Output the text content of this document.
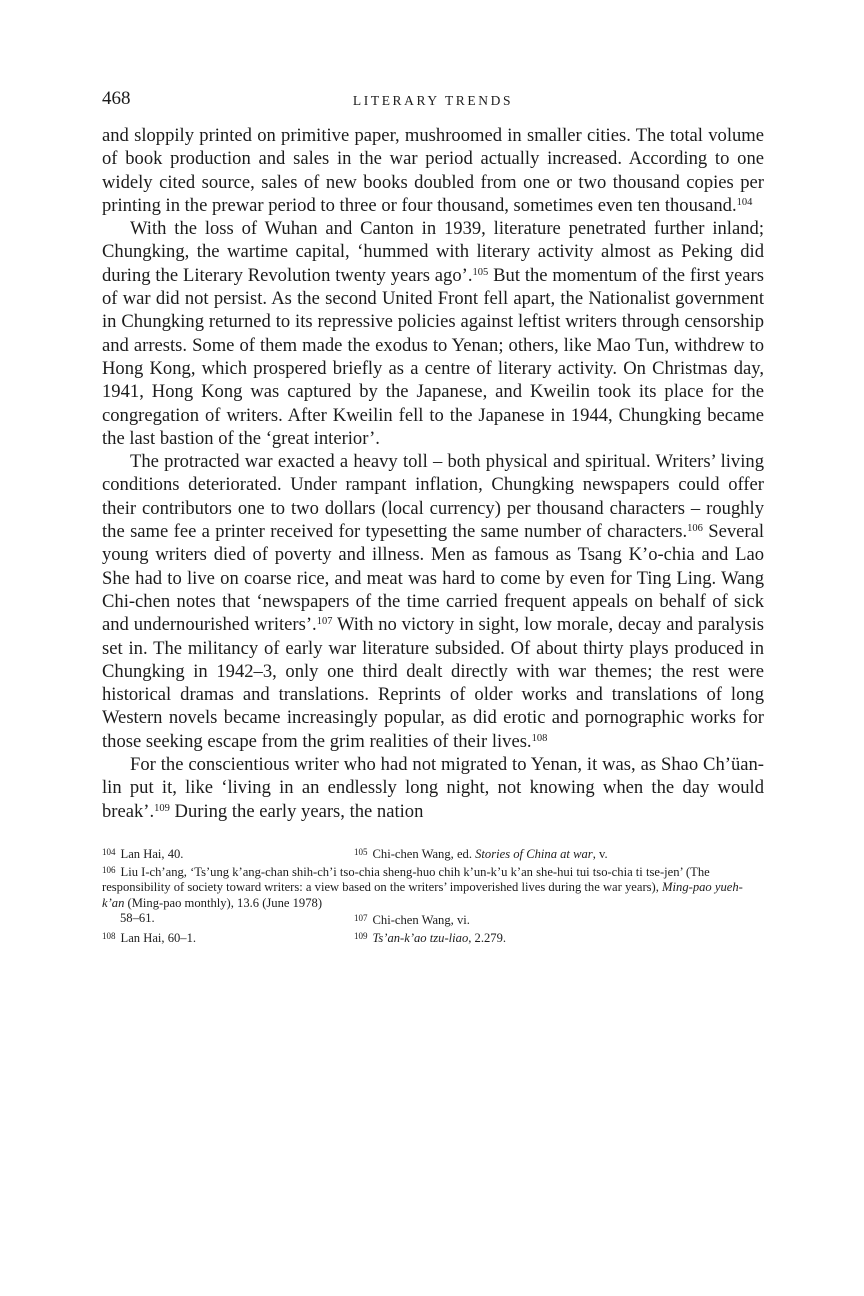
468	LITERARY TRENDS

and sloppily printed on primitive paper, mushroomed in smaller cities. The total volume of book production and sales in the war period actually increased. According to one widely cited source, sales of new books doubled from one or two thousand copies per printing in the prewar period to three or four thousand, sometimes even ten thousand.$^{104}$

With the loss of Wuhan and Canton in 1939, literature penetrated further inland; Chungking, the wartime capital, ‘hummed with literary activity almost as Peking did during the Literary Revolution twenty years ago’.$^{105}$ But the momentum of the first years of war did not persist. As the second United Front fell apart, the Nationalist government in Chungking returned to its repressive policies against leftist writers through censorship and arrests. Some of them made the exodus to Yenan; others, like Mao Tun, withdrew to Hong Kong, which prospered briefly as a centre of literary activity. On Christmas day, 1941, Hong Kong was captured by the Japanese, and Kweilin took its place for the congregation of writers. After Kweilin fell to the Japanese in 1944, Chungking became the last bastion of the ‘great interior’.

The protracted war exacted a heavy toll – both physical and spiritual. Writers’ living conditions deteriorated. Under rampant inflation, Chungking newspapers could offer their contributors one to two dollars (local currency) per thousand characters – roughly the same fee a printer received for typesetting the same number of characters.$^{106}$ Several young writers died of poverty and illness. Men as famous as Tsang K’o-chia and Lao She had to live on coarse rice, and meat was hard to come by even for Ting Ling. Wang Chi-chen notes that ‘newspapers of the time carried frequent appeals on behalf of sick and undernourished writers’.$^{107}$ With no victory in sight, low morale, decay and paralysis set in. The militancy of early war literature subsided. Of about thirty plays produced in Chungking in 1942–3, only one third dealt directly with war themes; the rest were historical dramas and translations. Reprints of older works and translations of long Western novels became increasingly popular, as did erotic and pornographic works for those seeking escape from the grim realities of their lives.$^{108}$

For the conscientious writer who had not migrated to Yenan, it was, as Shao Ch’üan-lin put it, like ‘living in an endlessly long night, not knowing when the day would break’.$^{109}$ During the early years, the nation

$^{104}$ Lan Hai, 40.	$^{105}$ Chi-chen Wang, ed. Stories of China at war, v.
$^{106}$ Liu I-ch’ang, ‘Ts’ung k’ang-chan shih-ch’i tso-chia sheng-huo chih k’un-k’u k’an she-hui tui tso-chia ti tse-jen’ (The responsibility of society toward writers: a view based on the writers’ impoverished lives during the war years), Ming-pao yueh-k’an (Ming-pao monthly), 13.6 (June 1978)
58–61.	$^{107}$ Chi-chen Wang, vi.
$^{108}$ Lan Hai, 60–1.	$^{109}$ Ts’an-k’ao tzu-liao, 2.279.
